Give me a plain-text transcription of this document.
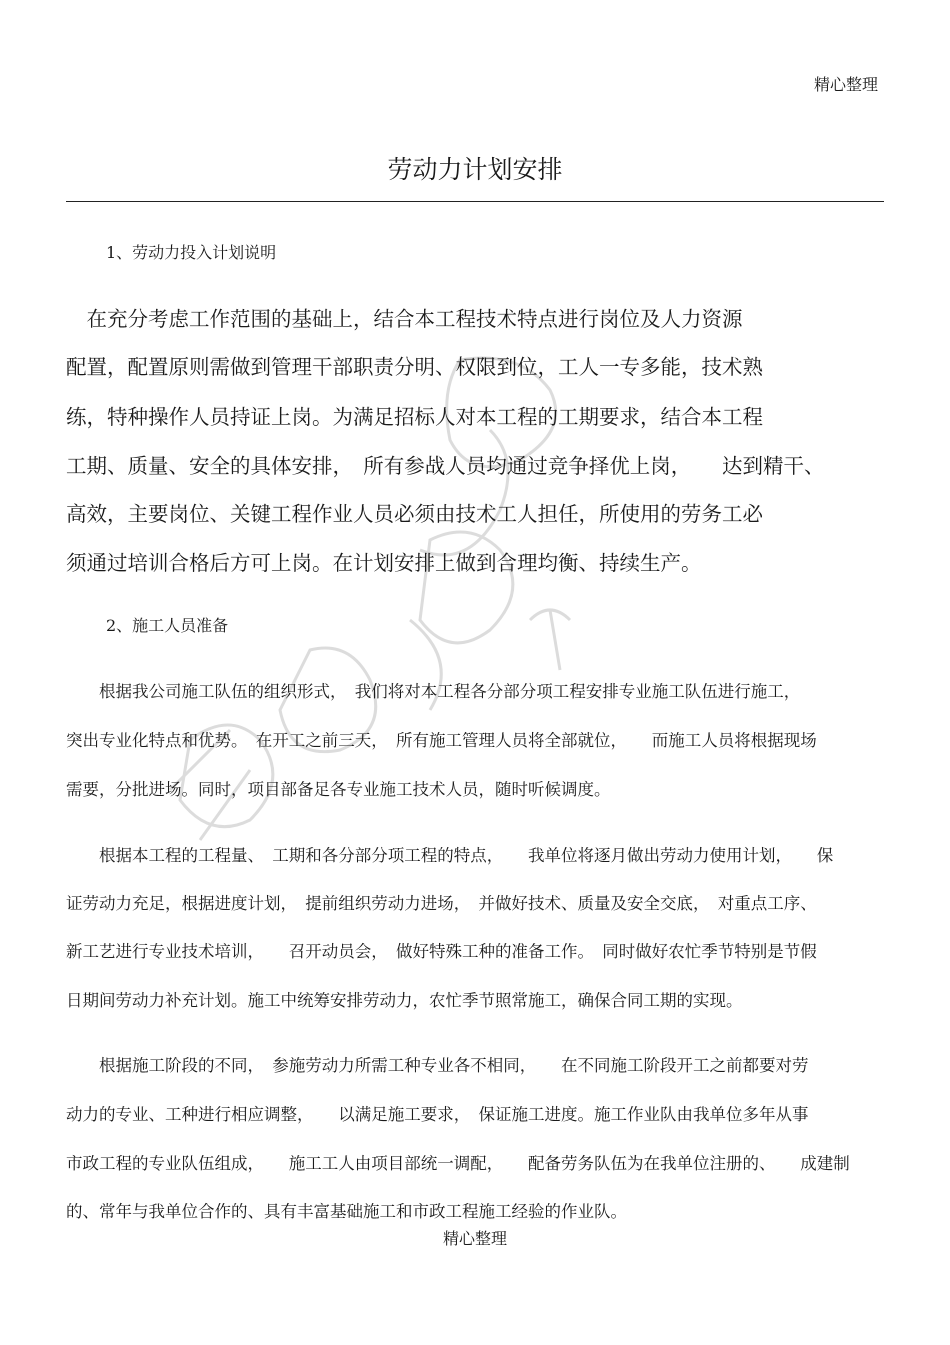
精心整理
劳动力计划安排
1、劳动力投入计划说明
　在充分考虑工作范围的基础上，结合本工程技术特点进行岗位及人力资源
配置，配置原则需做到管理干部职责分明、权限到位，工人一专多能，技术熟
练，特种操作人员持证上岗。为满足招标人对本工程的工期要求，结合本工程
工期、质量、安全的具体安排，　所有参战人员均通过竞争择优上岗，　　达到精干、
高效，主要岗位、关键工程作业人员必须由技术工人担任，所使用的劳务工必
须通过培训合格后方可上岗。在计划安排上做到合理均衡、持续生产。
2、施工人员准备
　　根据我公司施工队伍的组织形式，　我们将对本工程各分部分项工程安排专业施工队伍进行施工，
突出专业化特点和优势。　在开工之前三天，　所有施工管理人员将全部就位，　　而施工人员将根据现场
需要，分批进场。同时，项目部备足各专业施工技术人员，随时听候调度。
　　根据本工程的工程量、　工期和各分部分项工程的特点，　　我单位将逐月做出劳动力使用计划，　　保
证劳动力充足，根据进度计划，　提前组织劳动力进场，　并做好技术、质量及安全交底，　对重点工序、
新工艺进行专业技术培训，　　召开动员会，　做好特殊工种的准备工作。　同时做好农忙季节特别是节假
日期间劳动力补充计划。施工中统筹安排劳动力，农忙季节照常施工，确保合同工期的实现。
　　根据施工阶段的不同，　参施劳动力所需工种专业各不相同，　　在不同施工阶段开工之前都要对劳
动力的专业、工种进行相应调整，　　以满足施工要求，　保证施工进度。施工作业队由我单位多年从事
市政工程的专业队伍组成，　　施工工人由项目部统一调配，　　配备劳务队伍为在我单位注册的、　　成建制
的、常年与我单位合作的、具有丰富基础施工和市政工程施工经验的作业队。
精心整理
